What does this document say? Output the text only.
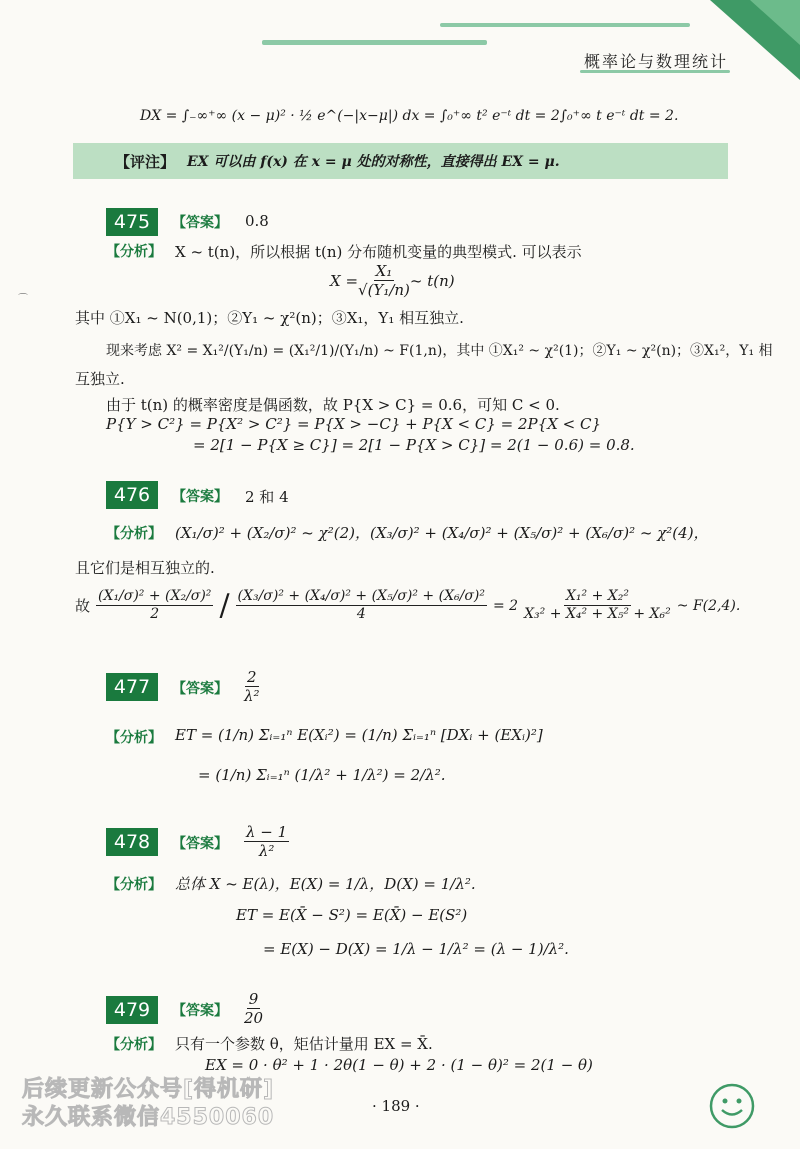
概率论与数理统计
DX = ∫₋∞⁺∞ (x − μ)² · ½ e^(−|x−μ|) dx = ∫₀⁺∞ t² e⁻ᵗ dt = 2∫₀⁺∞ t e⁻ᵗ dt = 2.
【评注】 EX 可以由 f(x) 在 x = μ 处的对称性，直接得出 EX = μ.
475	【答案】 0.8
【分析】 X ~ t(n)，所以根据 t(n) 分布随机变量的典型模式. 可以表示
$X = \frac{\text{X₁}}{\text{√(Y₁/n)}}$ ~ t(n)
⌒
其中 ①X₁ ~ N(0,1)；②Y₁ ~ χ²(n)；③X₁，Y₁ 相互独立.
现来考虑 X² = X₁²/(Y₁/n) = (X₁²/1)/(Y₁/n) ~ F(1,n)，其中 ①X₁² ~ χ²(1)；②Y₁ ~ χ²(n)；③X₁²，Y₁ 相
互独立.
由于 t(n) 的概率密度是偶函数，故 P{X > C} = 0.6，可知 C < 0.
P{Y > C²} = P{X² > C²} = P{X > −C} + P{X < C} = 2P{X < C}
= 2[1 − P{X ≥ C}] = 2[1 − P{X > C}] = 2(1 − 0.6) = 0.8.
476	【答案】 2 和 4
【分析】 (X₁/σ)² + (X₂/σ)² ~ χ²(2)，(X₃/σ)² + (X₄/σ)² + (X₅/σ)² + (X₆/σ)² ~ χ²(4)，
且它们是相互独立的.
故 $\frac{\text{(X₁/σ)² + (X₂/σ)²}}{2} / \frac{\text{(X₃/σ)² + (X₄/σ)² + (X₅/σ)² + (X₆/σ)²}}{4} = 2 \frac{\text{X₁² + X₂²}}{\text{X₃² + X₄² + X₅² + X₆²}}$ ~ F(2,4).
477	【答案】 $\frac{2}{\text{λ²}}$
【分析】 ET = (1/n) Σᵢ₌₁ⁿ E(Xᵢ²) = (1/n) Σᵢ₌₁ⁿ [DXᵢ + (EXᵢ)²]
= (1/n) Σᵢ₌₁ⁿ (1/λ² + 1/λ²) = 2/λ².
478	【答案】 $\frac{\lambda - 1}{\text{λ²}}$
【分析】 总体 X ~ E(λ)，E(X) = 1/λ，D(X) = 1/λ².
ET = E(X̄ − S²) = E(X̄) − E(S²)
= E(X) − D(X) = 1/λ − 1/λ² = (λ − 1)/λ².
479	【答案】 $\frac{9}{20}$
【分析】 只有一个参数 θ，矩估计量用 EX = X̄.
EX = 0 · θ² + 1 · 2θ(1 − θ) + 2 · (1 − θ)² = 2(1 − θ)
· 189 ·
后续更新公众号[得机研]
永久联系微信4550060
